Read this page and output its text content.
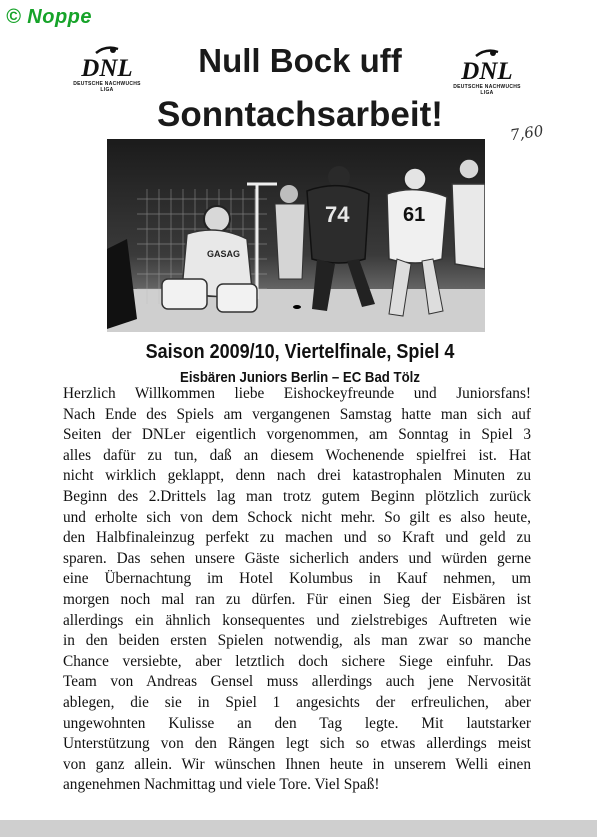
© Noppe
DNL
DEUTSCHE NACHWUCHS LIGA
DNL
DEUTSCHE NACHWUCHS LIGA
Null Bock uff
Sonntachsarbeit!	7,60
GASAG
74	61
Saison 2009/10, Viertelfinale, Spiel 4
Eisbären Juniors Berlin – EC Bad Tölz
Herzlich Willkommen liebe Eishockeyfreunde und Juniorsfans!
Nach Ende des Spiels am vergangenen Samstag hatte man sich auf
Seiten der DNLer eigentlich vorgenommen, am Sonntag in Spiel 3
alles dafür zu tun, daß an diesem Wochenende spielfrei ist. Hat
nicht wirklich geklappt, denn nach drei katastrophalen Minuten zu
Beginn des 2.Drittels lag man trotz gutem Beginn plötzlich zurück
und erholte sich von dem Schock nicht mehr. So gilt es also heute,
den Halbfinaleinzug perfekt zu machen und so Kraft und geld zu
sparen. Das sehen unsere Gäste sicherlich anders und würden gerne
eine Übernachtung im Hotel Kolumbus in Kauf nehmen, um
morgen noch mal ran zu dürfen. Für einen Sieg der Eisbären ist
allerdings ein ähnlich konsequentes und zielstrebiges Auftreten wie
in den beiden ersten Spielen notwendig, als man zwar so manche
Chance versiebte, aber letztlich doch sichere Siege einfuhr. Das
Team von Andreas Gensel muss allerdings auch jene Nervosität
ablegen, die sie in Spiel 1 angesichts der erfreulichen, aber
ungewohnten Kulisse an den Tag legte. Mit lautstarker
Unterstützung von den Rängen legt sich so etwas allerdings meist
von ganz allein. Wir wünschen Ihnen heute in unserem Welli einen
angenehmen Nachmittag und viele Tore. Viel Spaß!
